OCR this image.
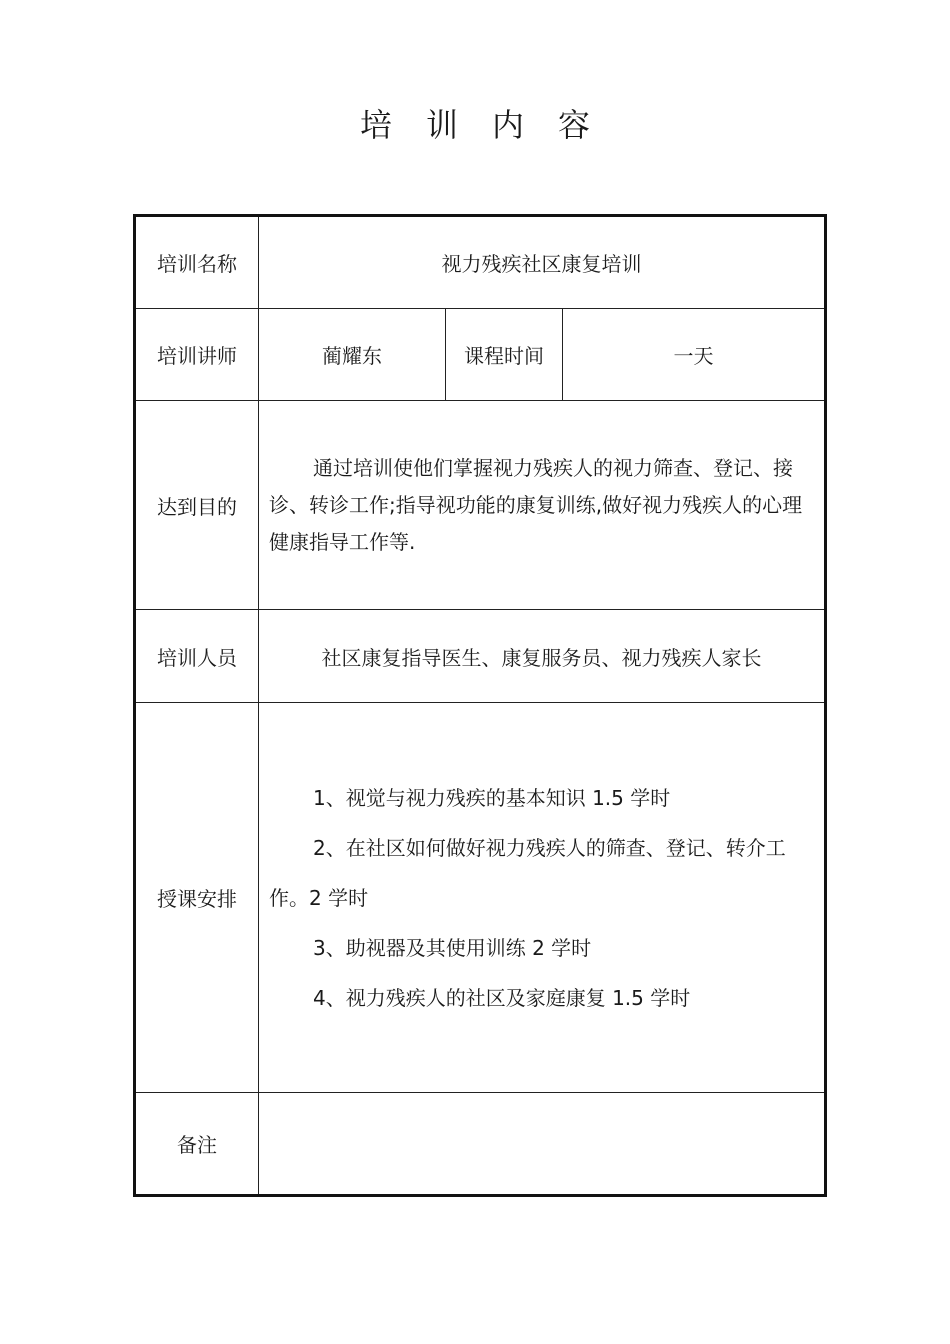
培训内容
培训名称	视力残疾社区康复培训		
培训讲师	蔺耀东	课程时间	一天
达到目的	通过培训使他们掌握视力残疾人的视力筛查、登记、接诊、转诊工作;指导视功能的康复训练,做好视力残疾人的心理健康指导工作等.		

培训人员	社区康复指导医生、康复服务员、视力残疾人家长		
授课安排	1、视觉与视力残疾的基本知识 1.5 学时

2、在社区如何做好视力残疾人的筛查、登记、转介工作。2 学时

3、助视器及其使用训练 2 学时

4、视力残疾人的社区及家庭康复 1.5 学时		

备注			
